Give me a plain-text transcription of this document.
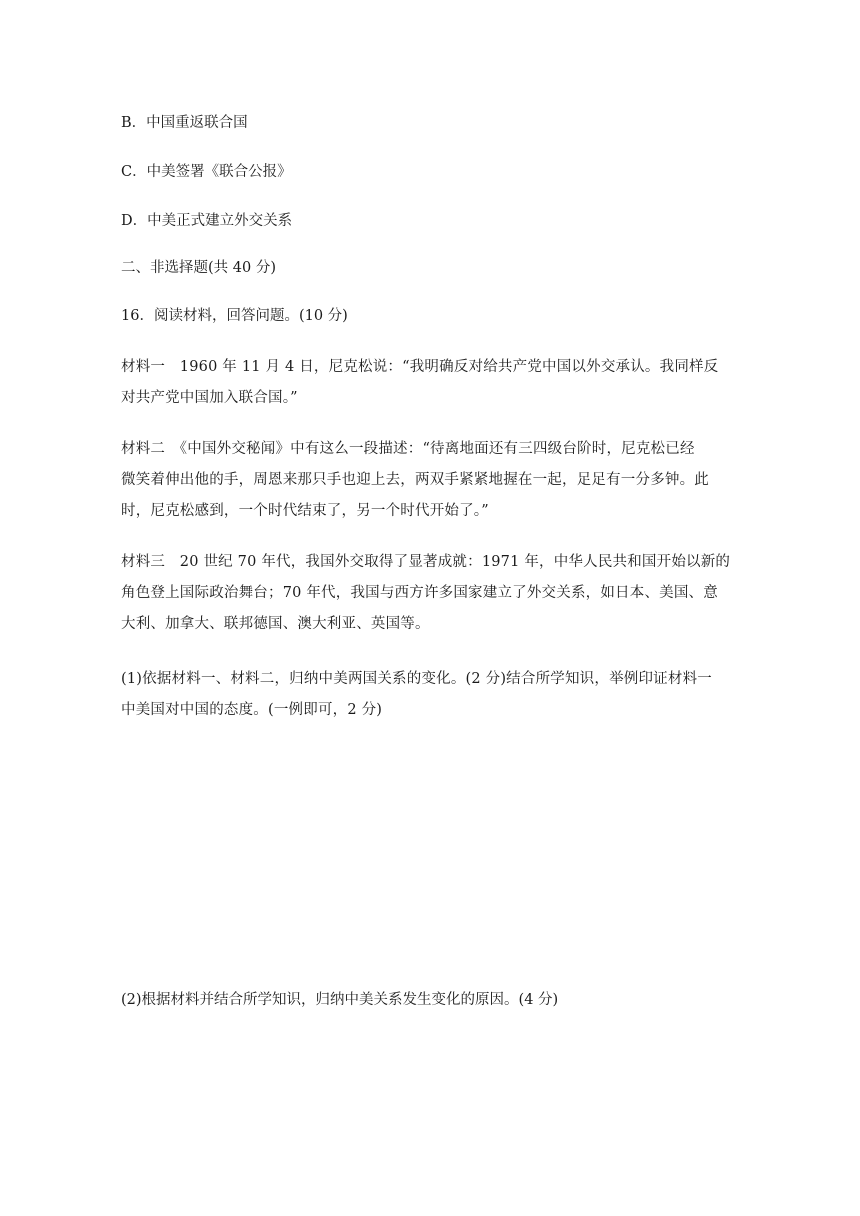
B．中国重返联合国
C．中美签署《联合公报》
D．中美正式建立外交关系
二、非选择题(共 40 分)
16．阅读材料，回答问题。(10 分)
材料一　1960 年 11 月 4 日，尼克松说：“我明确反对给共产党中国以外交承认。我同样反
对共产党中国加入联合国。”
材料二　《中国外交秘闻》中有这么一段描述：“待离地面还有三四级台阶时，尼克松已经
微笑着伸出他的手，周恩来那只手也迎上去，两双手紧紧地握在一起，足足有一分多钟。此
时，尼克松感到，一个时代结束了，另一个时代开始了。”
材料三　20 世纪 70 年代，我国外交取得了显著成就：1971 年，中华人民共和国开始以新的
角色登上国际政治舞台；70 年代，我国与西方许多国家建立了外交关系，如日本、美国、意
大利、加拿大、联邦德国、澳大利亚、英国等。
(1)依据材料一、材料二，归纳中美两国关系的变化。(2 分)结合所学知识，举例印证材料一
中美国对中国的态度。(一例即可，2 分)
(2)根据材料并结合所学知识，归纳中美关系发生变化的原因。(4 分)
